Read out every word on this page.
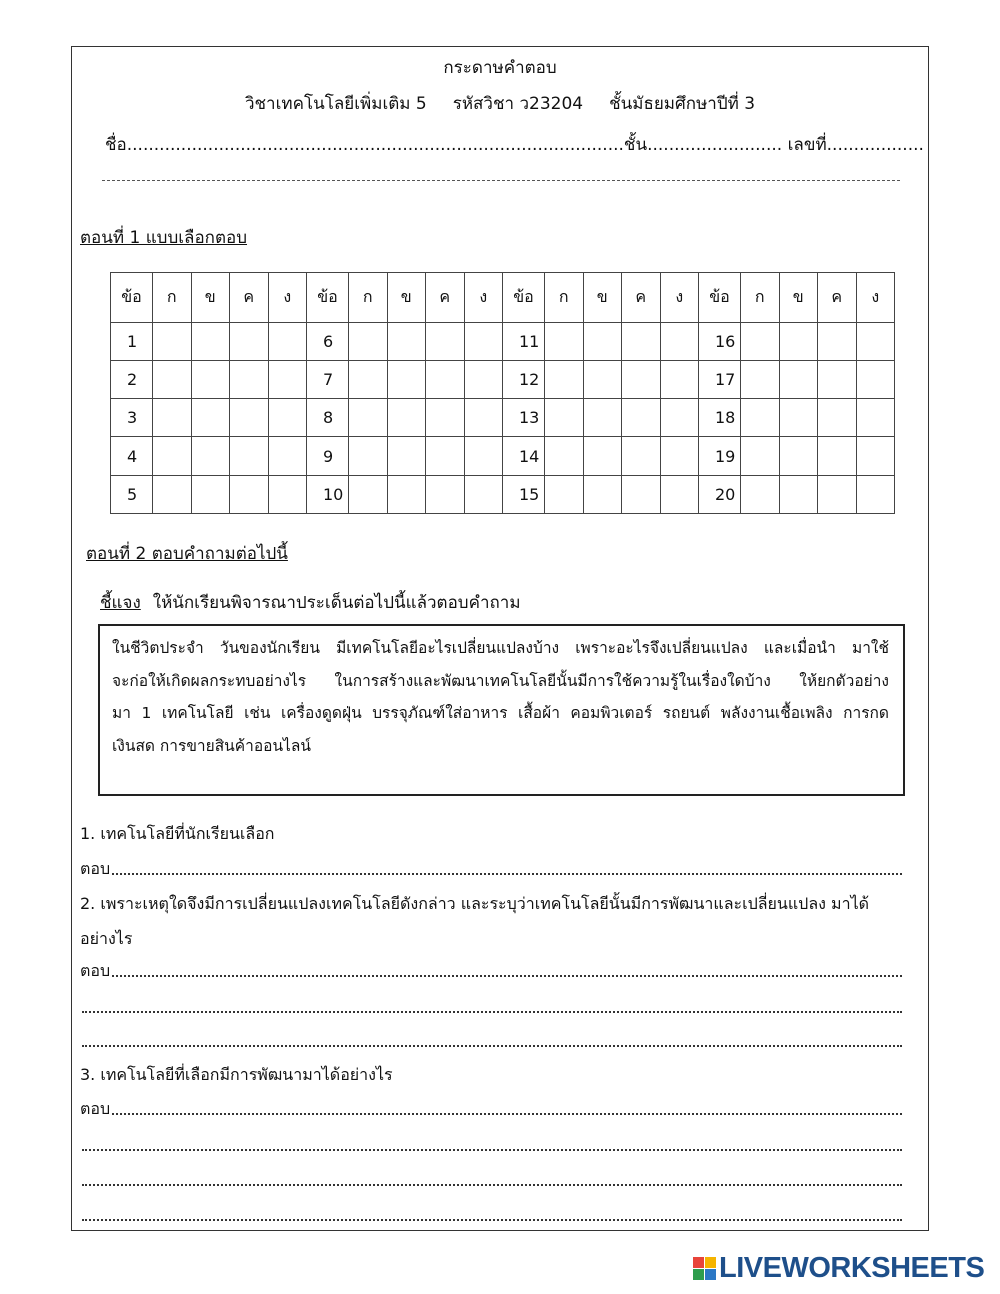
กระดาษคำตอบ
วิชาเทคโนโลยีเพิ่มเติม 5 รหัสวิชา ว23204 ชั้นมัธยมศึกษาปีที่ 3
ชื่อ............................................................................................ชั้น......................... เลขที่..................
ตอนที่ 1 แบบเลือกตอบ
ข้อ	ก	ข	ค	ง	ข้อ	ก	ข	ค	ง	ข้อ	ก	ข	ค	ง	ข้อ	ก	ข	ค	ง
1					6					11					16				
2					7					12					17				
3					8					13					18				
4					9					14					19				
5					10					15					20				
ตอนที่ 2 ตอบคำถามต่อไปนี้
ชี้แจง ให้นักเรียนพิจารณาประเด็นต่อไปนี้แล้วตอบคำถาม

ในชีวิตประจำ วันของนักเรียน มีเทคโนโลยีอะไรเปลี่ยนแปลงบ้าง เพราะอะไรจึงเปลี่ยนแปลง และเมื่อนำ มาใช้

จะก่อให้เกิดผลกระทบอย่างไร ในการสร้างและพัฒนาเทคโนโลยีนั้นมีการใช้ความรู้ในเรื่องใดบ้าง ให้ยกตัวอย่าง

มา 1 เทคโนโลยี เช่น เครื่องดูดฝุ่น บรรจุภัณฑ์ใส่อาหาร เสื้อผ้า คอมพิวเตอร์ รถยนต์ พลังงานเชื้อเพลิง การกด

เงินสด การขายสินค้าออนไลน์

1. เทคโนโลยีที่นักเรียนเลือก
ตอบ
2. เพราะเหตุใดจึงมีการเปลี่ยนแปลงเทคโนโลยีดังกล่าว และระบุว่าเทคโนโลยีนั้นมีการพัฒนาและเปลี่ยนแปลง มาได้อย่างไร
ตอบ
3. เทคโนโลยีที่เลือกมีการพัฒนามาได้อย่างไร
ตอบ
LIVEWORKSHEETS
